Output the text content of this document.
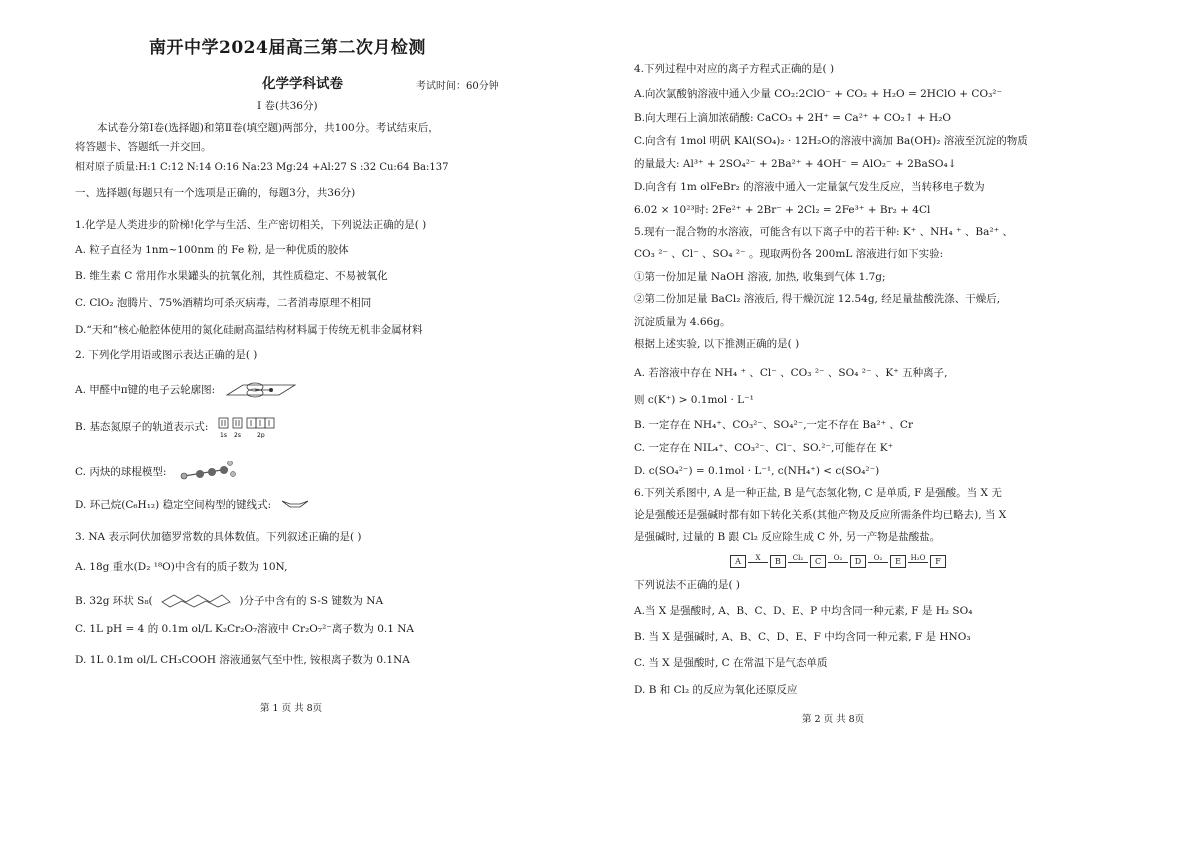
南开中学2024届高三第二次月检测
化学学科试卷	考试时间：60分钟
I 卷(共36分)
本试卷分第Ⅰ卷(选择题)和第Ⅱ卷(填空题)两部分，共100分。考试结束后，
将答题卡、答题纸一并交回。
相对原子质量:H:1 C:12 N:14 O:16 Na:23 Mg:24 +Al:27 S :32 Cu:64 Ba:137
一、选择题(每题只有一个选项是正确的，每题3分，共36分)
1.化学是人类进步的阶梯!化学与生活、生产密切相关，下列说法正确的是( )
A. 粒子直径为 1nm~100nm 的 Fe 粉, 是一种优质的胶体
B. 维生素 C 常用作水果罐头的抗氧化剂，其性质稳定、不易被氧化
C. ClO₂ 泡腾片、75%酒精均可杀灭病毒，二者消毒原理不相同
D.“天和”核心舱腔体使用的氮化硅耐高温结构材料属于传统无机非金属材料
2. 下列化学用语或图示表达正确的是( )
A. 甲醛中π键的电子云轮廓图:
B. 基态氮原子的轨道表示式:
1s 2s	2p
C. 丙炔的球棍模型:
D. 环己烷(C₆H₁₂) 稳定空间构型的键线式:
3. NA 表示阿伏加德罗常数的具体数值。下列叙述正确的是( )
A. 18g 重水(D₂ ¹⁸O)中含有的质子数为 10N,
B. 32g 环状 S₈(	)分子中含有的 S-S 键数为 NA
C. 1L pH = 4 的 0.1m ol/L K₂Cr₂O₇溶液中 Cr₂O₇²⁻离子数为 0.1 NA
D. 1L 0.1m ol/L CH₃COOH 溶液通氨气至中性, 铵根离子数为 0.1NA
第 1 页 共 8页
4.下列过程中对应的离子方程式正确的是( )
A.向次氯酸钠溶液中通入少量 CO₂:2ClO⁻ + CO₂ + H₂O = 2HClO + CO₃²⁻
B.向大理石上滴加浓硝酸: CaCO₃ + 2H⁺ = Ca²⁺ + CO₂↑ + H₂O
C.向含有 1mol 明矾 KAl(SO₄)₂ · 12H₂O的溶液中滴加 Ba(OH)₂ 溶液至沉淀的物质
的量最大: Al³⁺ + 2SO₄²⁻ + 2Ba²⁺ + 4OH⁻ = AlO₂⁻ + 2BaSO₄↓
D.向含有 1m olFeBr₂ 的溶液中通入一定量氯气发生反应，当转移电子数为
6.02 × 10²³时: 2Fe²⁺ + 2Br⁻ + 2Cl₂ = 2Fe³⁺ + Br₂ + 4Cl
5.现有一混合物的水溶液，可能含有以下离子中的若干种: K⁺ 、NH₄ ⁺ 、Ba²⁺ 、
CO₃ ²⁻ 、Cl⁻ 、SO₄ ²⁻ 。现取两份各 200mL 溶液进行如下实验:
①第一份加足量 NaOH 溶液, 加热, 收集到气体 1.7g;
②第二份加足量 BaCl₂ 溶液后, 得干燥沉淀 12.54g, 经足量盐酸洗涤、干燥后,
沉淀质量为 4.66g。
根据上述实验, 以下推测正确的是( )
A. 若溶液中存在 NH₄ ⁺ 、Cl⁻ 、CO₃ ²⁻ 、SO₄ ²⁻ 、K⁺ 五种离子,
则 c(K⁺) > 0.1mol · L⁻¹
B. 一定存在 NH₄⁺、CO₃²⁻、SO₄²⁻,一定不存在 Ba²⁺ 、Cr
C. 一定存在 NIL₄⁺、CO₃²⁻、Cl⁻、SO.²⁻,可能存在 K⁺
D. c(SO₄²⁻) = 0.1mol · L⁻¹, c(NH₄⁺) < c(SO₄²⁻)
6.下列关系图中, A 是一种正盐, B 是气态氢化物, C 是单质, F 是强酸。当 X 无
论是强酸还是强碱时都有如下转化关系(其他产物及反应所需条件均已略去), 当 X
是强碱时, 过量的 B 跟 Cl₂ 反应除生成 C 外, 另一产物是盐酸盐。
A X B Cl₂ C O₂ D O₂ E H₂O F
下列说法不正确的是( )
A.当 X 是强酸时, A、B、C、D、E、P 中均含同一种元素, F 是 H₂ SO₄
B. 当 X 是强碱时, A、B、C、D、E、F 中均含同一种元素, F 是 HNO₃
C. 当 X 是强酸时, C 在常温下是气态单质
D. B 和 Cl₂ 的反应为氧化还原反应
第 2 页 共 8页
